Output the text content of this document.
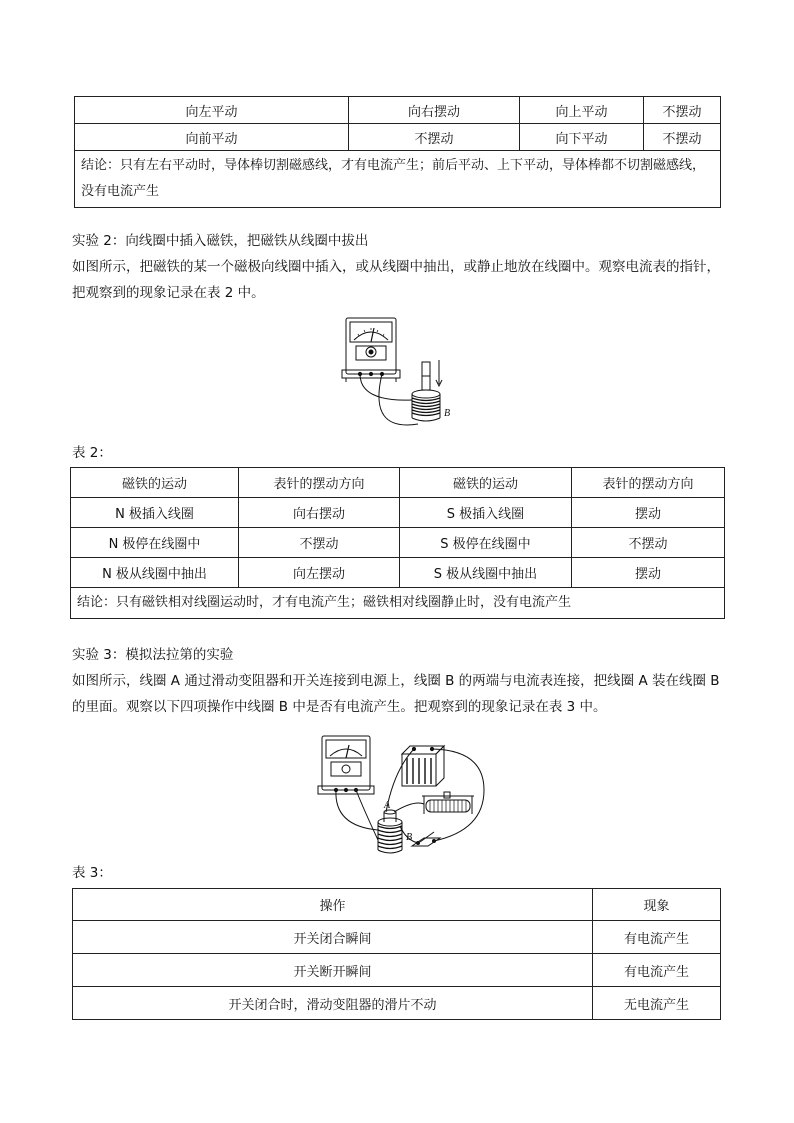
向左平动	向右摆动	向上平动	不摆动
向前平动	不摆动	向下平动	不摆动
结论：只有左右平动时，导体棒切割磁感线，才有电流产生；前后平动、上下平动，导体棒都不切割磁感线，没有电流产生			
实验 2：向线圈中插入磁铁，把磁铁从线圈中拔出
如图所示，把磁铁的某一个磁极向线圈中插入，或从线圈中抽出，或静止地放在线圈中。观察电流表的指针，把观察到的现象记录在表 2 中。
B
表 2：
磁铁的运动	表针的摆动方向	磁铁的运动	表针的摆动方向
N 极插入线圈	向右摆动	S 极插入线圈	摆动
N 极停在线圈中	不摆动	S 极停在线圈中	不摆动
N 极从线圈中抽出	向左摆动	S 极从线圈中抽出	摆动
结论：只有磁铁相对线圈运动时，才有电流产生；磁铁相对线圈静止时，没有电流产生			
实验 3：模拟法拉第的实验
如图所示，线圈 A 通过滑动变阻器和开关连接到电源上，线圈 B 的两端与电流表连接，把线圈 A 装在线圈 B 的里面。观察以下四项操作中线圈 B 中是否有电流产生。把观察到的现象记录在表 3 中。
A
B
表 3：
操作	现象
开关闭合瞬间	有电流产生
开关断开瞬间	有电流产生
开关闭合时，滑动变阻器的滑片不动	无电流产生
